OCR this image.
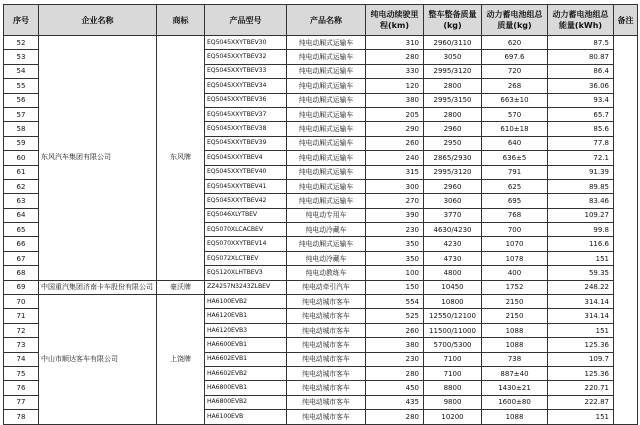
序号	企业名称	商标	产品型号	产品名称	纯电动续驶里程(km)	整车整备质量(kg)	动力蓄电池组总质量(kg)	动力蓄电池组总能量(kWh)	备注
52	东风汽车集团有限公司	东风牌	EQ5045XXYTBEV30	纯电动厢式运输车	310	2960/3110	620	87.5	
53			EQ5045XXYTBEV32	纯电动厢式运输车	280	3050	697.6	80.87	
54			EQ5045XXYTBEV33	纯电动厢式运输车	330	2995/3120	720	86.4	
55			EQ5045XXYTBEV34	纯电动厢式运输车	120	2800	268	36.06	
56			EQ5045XXYTBEV36	纯电动厢式运输车	380	2995/3150	663±10	93.4	
57			EQ5045XXYTBEV37	纯电动厢式运输车	205	2800	570	65.7	
58			EQ5045XXYTBEV38	纯电动厢式运输车	290	2960	610±18	85.6	
59			EQ5045XXYTBEV39	纯电动厢式运输车	260	2950	640	77.8	
60			EQ5045XXYTBEV4	纯电动厢式运输车	240	2865/2930	636±5	72.1	
61			EQ5045XXYTBEV40	纯电动厢式运输车	315	2995/3120	791	91.39	
62			EQ5045XXYTBEV41	纯电动厢式运输车	300	2960	625	89.85	
63			EQ5045XXYTBEV42	纯电动厢式运输车	270	3060	695	83.46	
64			EQ5046XLYTBEV	纯电动专用车	390	3770	768	109.27	
65			EQ5070XLCACBEV	纯电动冷藏车	230	4630/4230	700	99.8	
66			EQ5070XXYTBEV14	纯电动厢式运输车	350	4230	1070	116.6	
67			EQ5072XLCTBEV	纯电动冷藏车	350	4730	1078	151	
68			EQ5120XLHTBEV3	纯电动教练车	100	4800	400	59.35	
69	中国重汽集团济南卡车股份有限公司	豪沃牌	ZZ4257N3243ZLBEV	纯电动牵引汽车	150	10450	1752	248.22	
70	中山市顺达客车有限公司	上饶牌	HA6100EVB2	纯电动城市客车	554	10800	2150	314.14	
71			HA6120EVB1	纯电动城市客车	525	12550/12100	2150	314.14	
72			HA6120EVB3	纯电动城市客车	260	11500/11000	1088	151	
73			HA6600EVB1	纯电动城市客车	380	5700/5300	1088	125.36	
74			HA6602EVB1	纯电动城市客车	230	7100	738	109.7	
75			HA6602EVB2	纯电动城市客车	280	7100	887±40	125.36	
76			HA6800EVB1	纯电动城市客车	450	8800	1430±21	220.71	
77			HA6800EVB2	纯电动城市客车	435	9800	1600±80	222.87	
78			HA6100EVB	纯电动城市客车	280	10200	1088	151	
